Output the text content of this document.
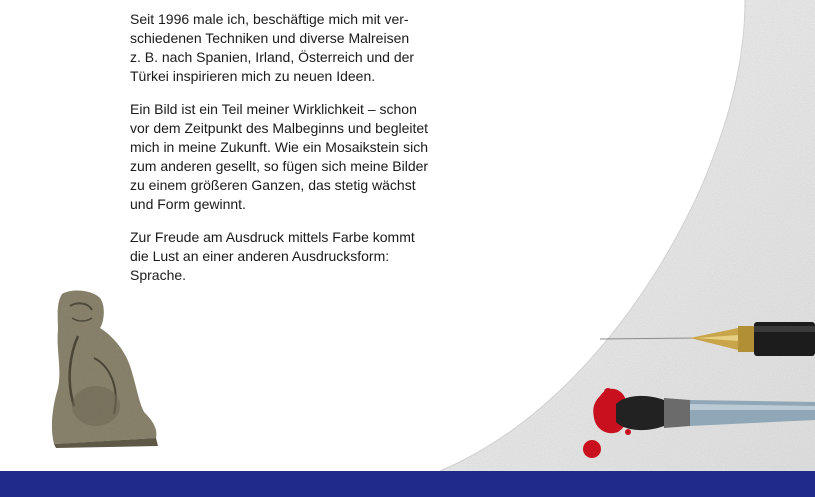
Seit 1996 male ich, beschäftige mich mit ver-
schiedenen Techniken und diverse Malreisen
z. B. nach Spanien, Irland, Österreich und der
Türkei inspirieren mich zu neuen Ideen.

Ein Bild ist ein Teil meiner Wirklichkeit – schon
vor dem Zeitpunkt des Malbeginns und begleitet
mich in meine Zukunft. Wie ein Mosaikstein sich
zum anderen gesellt, so fügen sich meine Bilder
zu einem größeren Ganzen, das stetig wächst
und Form gewinnt.

Zur Freude am Ausdruck mittels Farbe kommt
die Lust an einer anderen Ausdrucksform:
Sprache.
